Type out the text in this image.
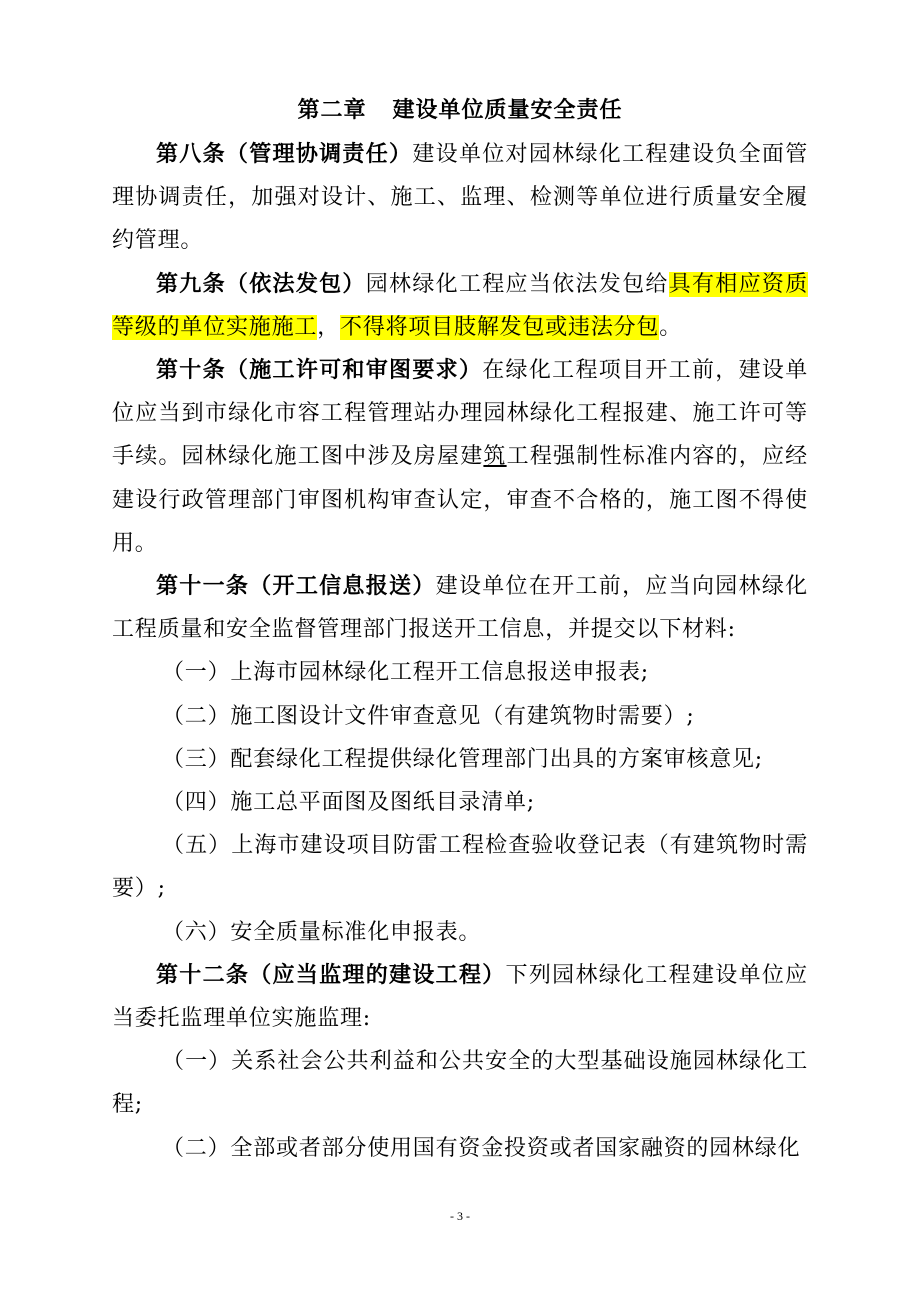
第二章 建设单位质量安全责任

第八条（管理协调责任）建设单位对园林绿化工程建设负全面管理协调责任，加强对设计、施工、监理、检测等单位进行质量安全履约管理。

第九条（依法发包）园林绿化工程应当依法发包给具有相应资质等级的单位实施施工，不得将项目肢解发包或违法分包。

第十条（施工许可和审图要求）在绿化工程项目开工前，建设单位应当到市绿化市容工程管理站办理园林绿化工程报建、施工许可等手续。园林绿化施工图中涉及房屋建筑工程强制性标准内容的，应经建设行政管理部门审图机构审查认定，审查不合格的，施工图不得使用。

第十一条（开工信息报送）建设单位在开工前，应当向园林绿化工程质量和安全监督管理部门报送开工信息，并提交以下材料:

（一）上海市园林绿化工程开工信息报送申报表;

（二）施工图设计文件审查意见（有建筑物时需要）;

（三）配套绿化工程提供绿化管理部门出具的方案审核意见;

（四）施工总平面图及图纸目录清单;

（五）上海市建设项目防雷工程检查验收登记表（有建筑物时需要）;

（六）安全质量标准化申报表。

第十二条（应当监理的建设工程）下列园林绿化工程建设单位应当委托监理单位实施监理:

（一）关系社会公共利益和公共安全的大型基础设施园林绿化工程;

（二）全部或者部分使用国有资金投资或者国家融资的园林绿化

- 3 -
